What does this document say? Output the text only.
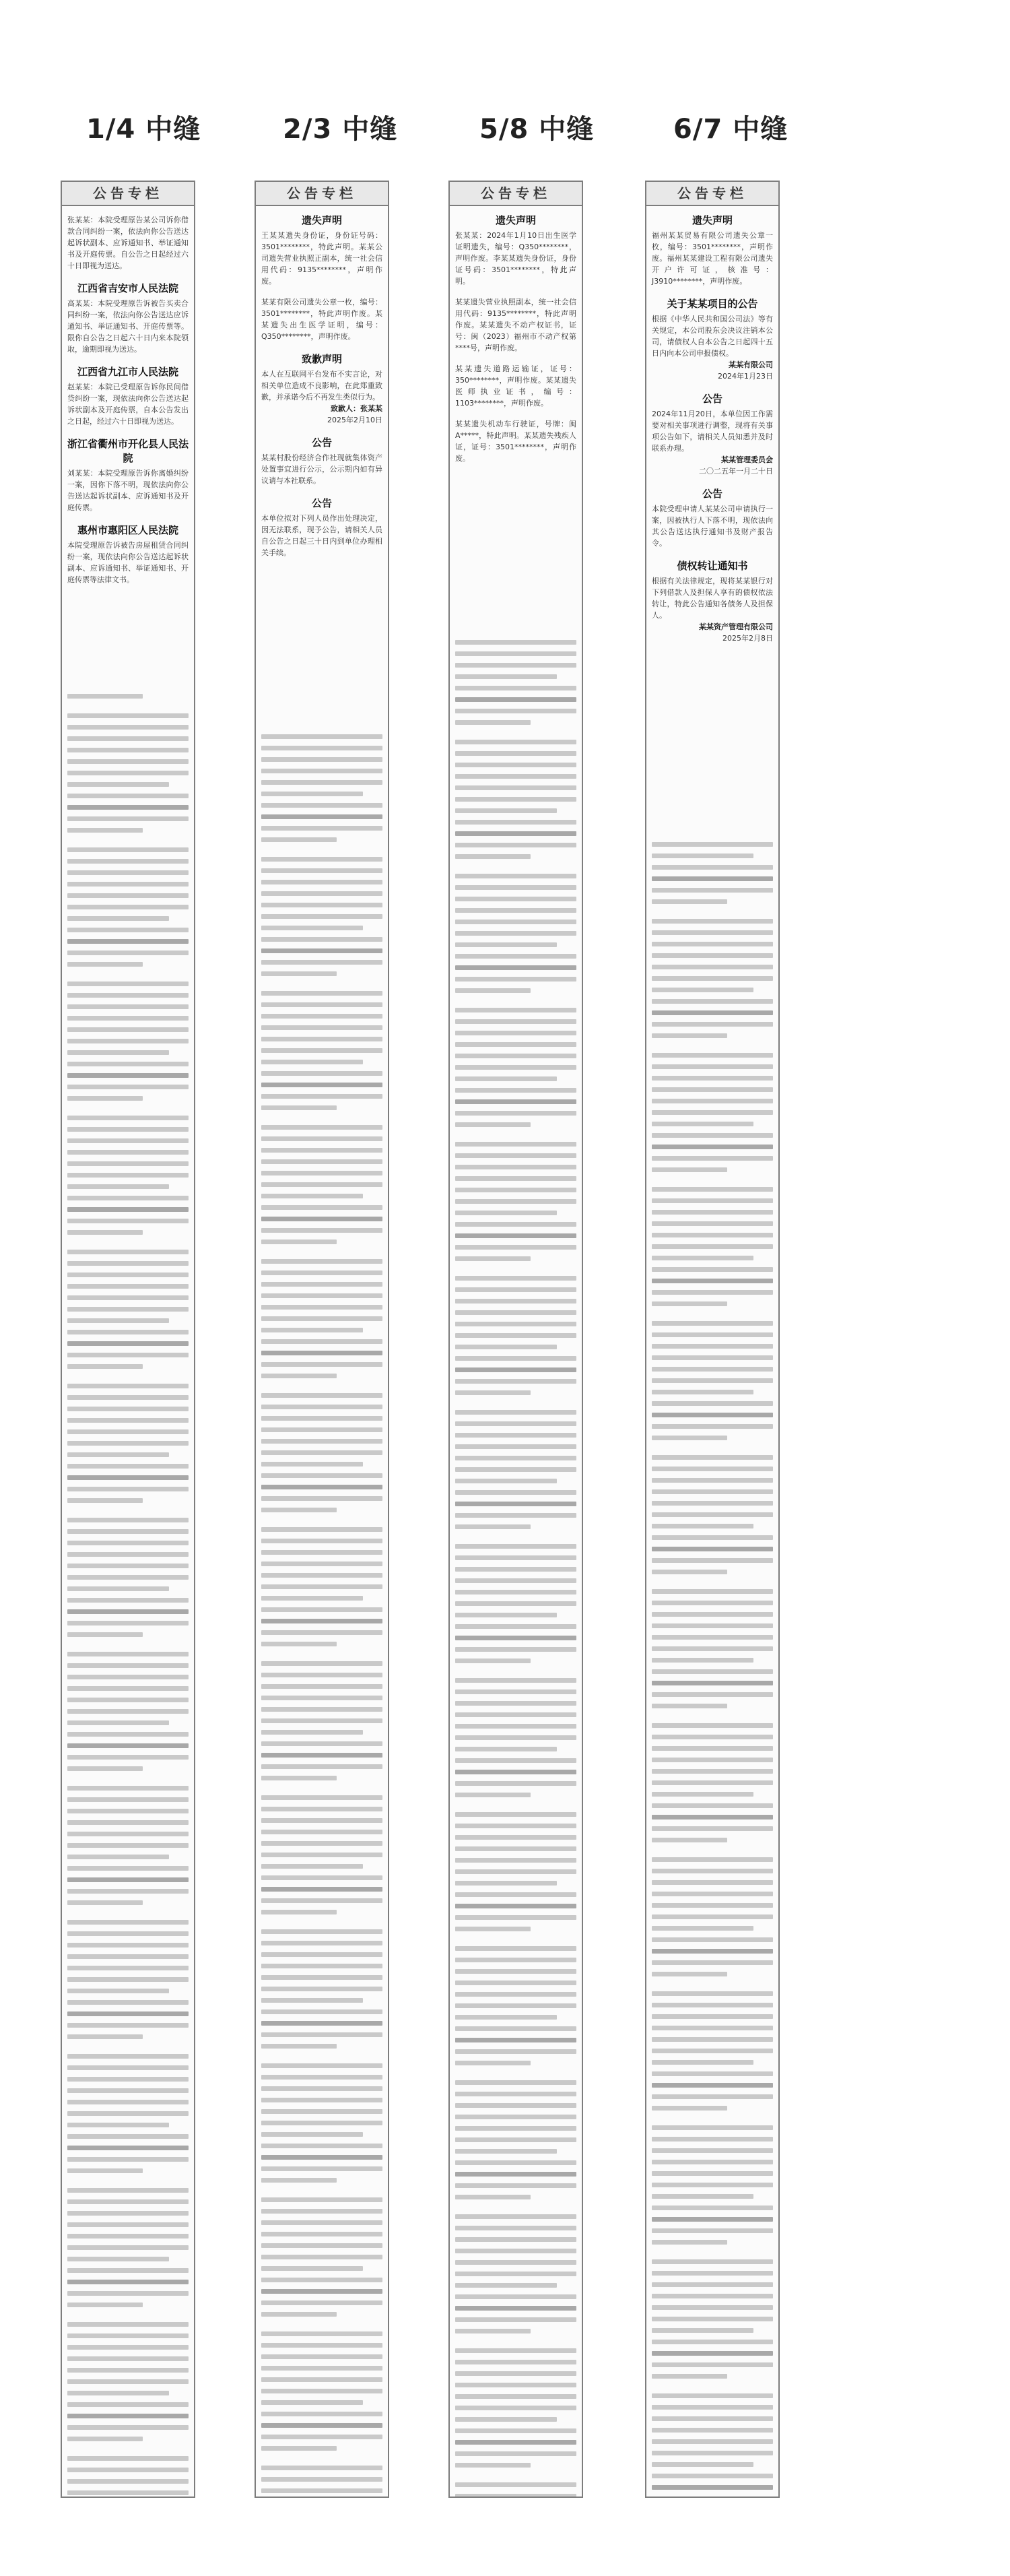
1/4 中缝	2/3 中缝	5/8 中缝	6/7 中缝
公告专栏
张某某：本院受理原告某公司诉你借款合同纠纷一案，依法向你公告送达起诉状副本、应诉通知书、举证通知书及开庭传票。自公告之日起经过六十日即视为送达。
江西省吉安市人民法院
高某某：本院受理原告诉被告买卖合同纠纷一案，依法向你公告送达应诉通知书、举证通知书、开庭传票等。限你自公告之日起六十日内来本院领取，逾期即视为送达。
江西省九江市人民法院
赵某某：本院已受理原告诉你民间借贷纠纷一案，现依法向你公告送达起诉状副本及开庭传票，自本公告发出之日起，经过六十日即视为送达。
浙江省衢州市开化县人民法院
刘某某：本院受理原告诉你离婚纠纷一案，因你下落不明，现依法向你公告送达起诉状副本、应诉通知书及开庭传票。
惠州市惠阳区人民法院
本院受理原告诉被告房屋租赁合同纠纷一案，现依法向你公告送达起诉状副本、应诉通知书、举证通知书、开庭传票等法律文书。
公告专栏
遗失声明
王某某遗失身份证，身份证号码：3501********，特此声明。某某公司遗失营业执照正副本，统一社会信用代码：9135********，声明作废。
某某有限公司遗失公章一枚，编号：3501********，特此声明作废。某某遗失出生医学证明，编号：Q350********，声明作废。
致歉声明
本人在互联网平台发布不实言论，对相关单位造成不良影响，在此郑重致歉，并承诺今后不再发生类似行为。
致歉人：张某某
2025年2月10日
公告
某某村股份经济合作社现就集体资产处置事宜进行公示，公示期内如有异议请与本社联系。
公告
本单位拟对下列人员作出处理决定，因无法联系，现予公告，请相关人员自公告之日起三十日内到单位办理相关手续。
公告专栏
遗失声明
张某某：2024年1月10日出生医学证明遗失，编号：Q350********，声明作废。李某某遗失身份证，身份证号码：3501********，特此声明。
某某遗失营业执照副本，统一社会信用代码：9135********，特此声明作废。某某遗失不动产权证书，证号：闽（2023）福州市不动产权第****号，声明作废。
某某遗失道路运输证，证号：350********，声明作废。某某遗失医师执业证书，编号：1103********，声明作废。
某某遗失机动车行驶证，号牌：闽A*****，特此声明。某某遗失残疾人证，证号：3501********，声明作废。
公告专栏
遗失声明
福州某某贸易有限公司遗失公章一枚，编号：3501********，声明作废。福州某某建设工程有限公司遗失开户许可证，核准号：J3910********，声明作废。
关于某某项目的公告
根据《中华人民共和国公司法》等有关规定，本公司股东会决议注销本公司，请债权人自本公告之日起四十五日内向本公司申报债权。
某某有限公司
2024年1月23日
公告
2024年11月20日，本单位因工作需要对相关事项进行调整，现将有关事项公告如下，请相关人员知悉并及时联系办理。
某某管理委员会
二〇二五年一月二十日
公告
本院受理申请人某某公司申请执行一案，因被执行人下落不明，现依法向其公告送达执行通知书及财产报告令。
债权转让通知书
根据有关法律规定，现将某某银行对下列借款人及担保人享有的债权依法转让，特此公告通知各债务人及担保人。
某某资产管理有限公司
2025年2月8日
